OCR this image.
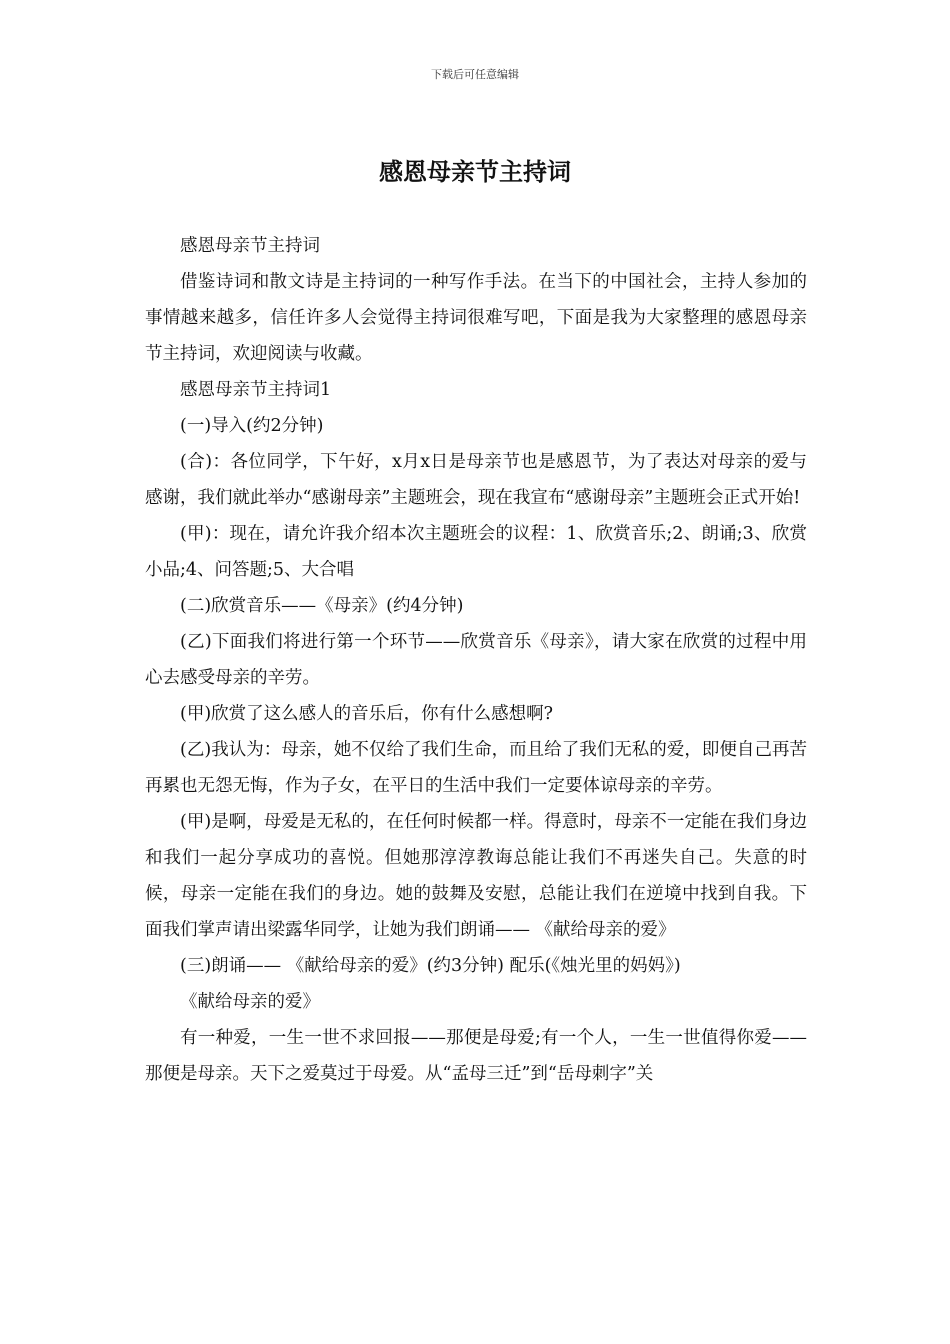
下载后可任意编辑
感恩母亲节主持词

感恩母亲节主持词

借鉴诗词和散文诗是主持词的一种写作手法。在当下的中国社会，主持人参加的事情越来越多，信任许多人会觉得主持词很难写吧，下面是我为大家整理的感恩母亲节主持词，欢迎阅读与收藏。

感恩母亲节主持词1

(一)导入(约2分钟)

(合)：各位同学，下午好，x月x日是母亲节也是感恩节，为了表达对母亲的爱与感谢，我们就此举办“感谢母亲”主题班会，现在我宣布“感谢母亲”主题班会正式开始!

(甲)：现在，请允许我介绍本次主题班会的议程：1、欣赏音乐;2、朗诵;3、欣赏小品;4、问答题;5、大合唱

(二)欣赏音乐——《母亲》(约4分钟)

(乙)下面我们将进行第一个环节——欣赏音乐《母亲》，请大家在欣赏的过程中用心去感受母亲的辛劳。

(甲)欣赏了这么感人的音乐后，你有什么感想啊?

(乙)我认为：母亲，她不仅给了我们生命，而且给了我们无私的爱，即便自己再苦再累也无怨无悔，作为子女，在平日的生活中我们一定要体谅母亲的辛劳。

(甲)是啊，母爱是无私的，在任何时候都一样。得意时，母亲不一定能在我们身边和我们一起分享成功的喜悦。但她那淳淳教诲总能让我们不再迷失自己。失意的时候，母亲一定能在我们的身边。她的鼓舞及安慰，总能让我们在逆境中找到自我。下面我们掌声请出梁露华同学，让她为我们朗诵—— 《献给母亲的爱》

(三)朗诵—— 《献给母亲的爱》(约3分钟) 配乐(《烛光里的妈妈》)

《献给母亲的爱》

有一种爱，一生一世不求回报——那便是母爱;有一个人，一生一世值得你爱——那便是母亲。天下之爱莫过于母爱。从“孟母三迁”到“岳母刺字”关
